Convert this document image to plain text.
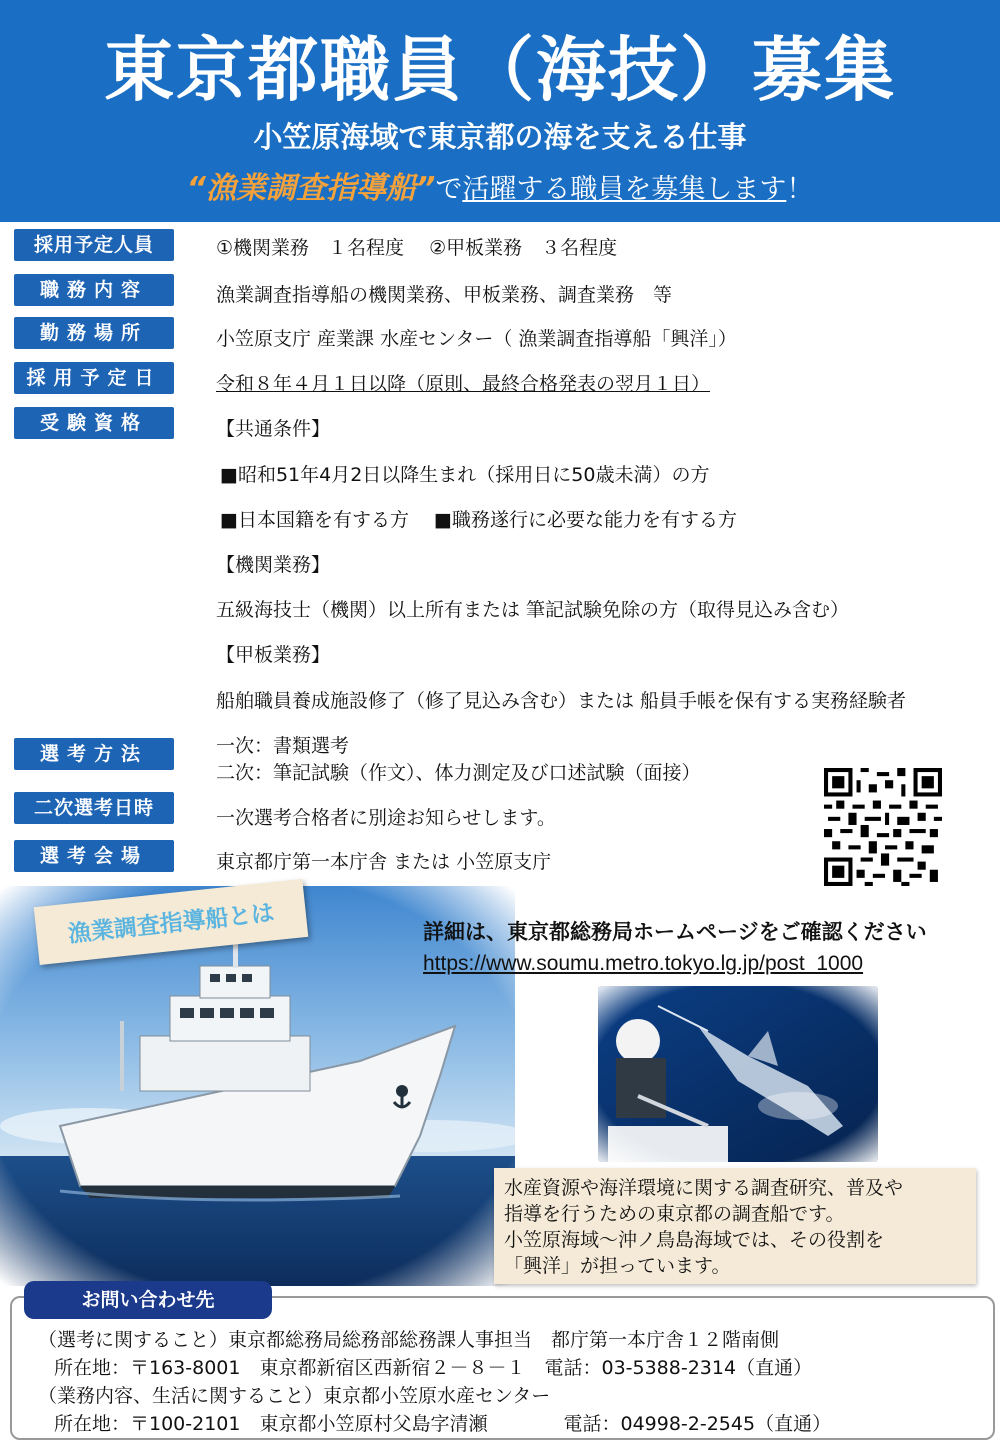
東京都職員（海技）募集
小笠原海域で東京都の海を支える仕事
“漁業調査指導船”で活躍する職員を募集します！
採用予定人員	①機関業務　１名程度　 ②甲板業務　３名程度
職務内容	漁業調査指導船の機関業務、甲板業務、調査業務　等
勤務場所	小笠原支庁 産業課 水産センター（ 漁業調査指導船「興洋」）
採用予定日	令和８年４月１日以降（原則、最終合格発表の翌月１日）
受験資格	【共通条件】
■昭和51年4月2日以降生まれ（採用日に50歳未満）の方
■日本国籍を有する方　 ■職務遂行に必要な能力を有する方
【機関業務】
五級海技士（機関）以上所有または 筆記試験免除の方（取得見込み含む）
【甲板業務】
船舶職員養成施設修了（修了見込み含む）または 船員手帳を保有する実務経験者
選考方法	一次：書類選考
二次：筆記試験（作文）、体力測定及び口述試験（面接）
二次選考日時	一次選考合格者に別途お知らせします。
選考会場	東京都庁第一本庁舎 または 小笠原支庁
漁業調査指導船とは	詳細は、東京都総務局ホームページをご確認ください
https://www.soumu.metro.tokyo.lg.jp/post_1000
水産資源や海洋環境に関する調査研究、普及や
指導を行うための東京都の調査船です。
小笠原海域～沖ノ鳥島海域では、その役割を
「興洋」が担っています。
お問い合わせ先
（選考に関すること）東京都総務局総務部総務課人事担当　都庁第一本庁舎１２階南側
所在地：〒163-8001　東京都新宿区西新宿２－８－１　電話：03-5388-2314（直通）
（業務内容、生活に関すること）東京都小笠原水産センター
所在地：〒100-2101　東京都小笠原村父島字清瀬　　　　電話：04998-2-2545（直通）
